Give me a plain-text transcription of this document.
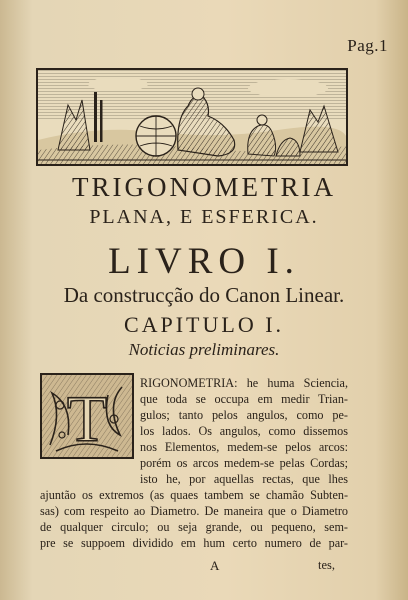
Pag.1
TRIGONOMETRIA
PLANA, E ESFERICA.
LIVRO I.
Da construcção do Canon Linear.
CAPITULO I.
Noticias preliminares.
T	RIGONOMETRIA: he huma Sciencia,
que toda se occupa em medir Trian-
gulos; tanto pelos angulos, como pe-
los lados. Os angulos, como dissemos
nos Elementos, medem-se pelos arcos:
porém os arcos medem-se pelas Cordas;
isto he, por aquellas rectas, que lhes
ajuntão os extremos (as quaes tambem se chamão Subten-
sas) com respeito ao Diametro. De maneira que o Diametro
de qualquer circulo; ou seja grande, ou pequeno, sem-
pre se suppoem dividido em hum certo numero de par-
A	tes,
